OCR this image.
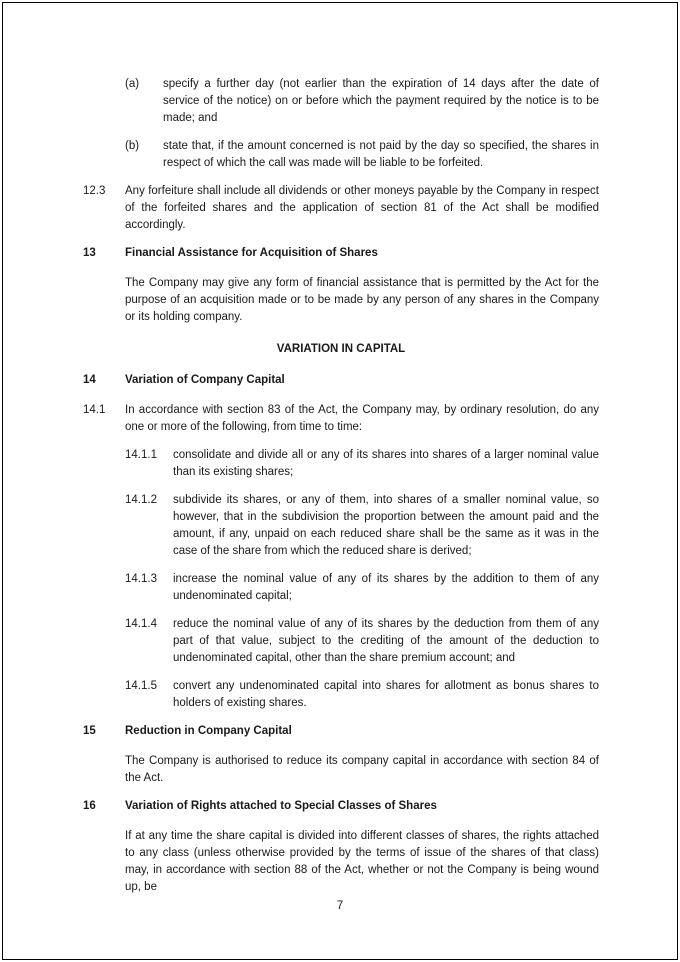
(a)	specify a further day (not earlier than the expiration of 14 days after the date of service of the notice) on or before which the payment required by the notice is to be made; and
(b)	state that, if the amount concerned is not paid by the day so specified, the shares in respect of which the call was made will be liable to be forfeited.
12.3	Any forfeiture shall include all dividends or other moneys payable by the Company in respect of the forfeited shares and the application of section 81 of the Act shall be modified accordingly.
13	Financial Assistance for Acquisition of Shares

The Company may give any form of financial assistance that is permitted by the Act for the purpose of an acquisition made or to be made by any person of any shares in the Company or its holding company.

VARIATION IN CAPITAL
14	Variation of Company Capital
14.1	In accordance with section 83 of the Act, the Company may, by ordinary resolution, do any one or more of the following, from time to time:
14.1.1	consolidate and divide all or any of its shares into shares of a larger nominal value than its existing shares;
14.1.2	subdivide its shares, or any of them, into shares of a smaller nominal value, so however, that in the subdivision the proportion between the amount paid and the amount, if any, unpaid on each reduced share shall be the same as it was in the case of the share from which the reduced share is derived;
14.1.3	increase the nominal value of any of its shares by the addition to them of any undenominated capital;
14.1.4	reduce the nominal value of any of its shares by the deduction from them of any part of that value, subject to the crediting of the amount of the deduction to undenominated capital, other than the share premium account; and
14.1.5	convert any undenominated capital into shares for allotment as bonus shares to holders of existing shares.
15	Reduction in Company Capital

The Company is authorised to reduce its company capital in accordance with section 84 of the Act.

16	Variation of Rights attached to Special Classes of Shares

If at any time the share capital is divided into different classes of shares, the rights attached to any class (unless otherwise provided by the terms of issue of the shares of that class) may, in accordance with section 88 of the Act, whether or not the Company is being wound up, be

7
